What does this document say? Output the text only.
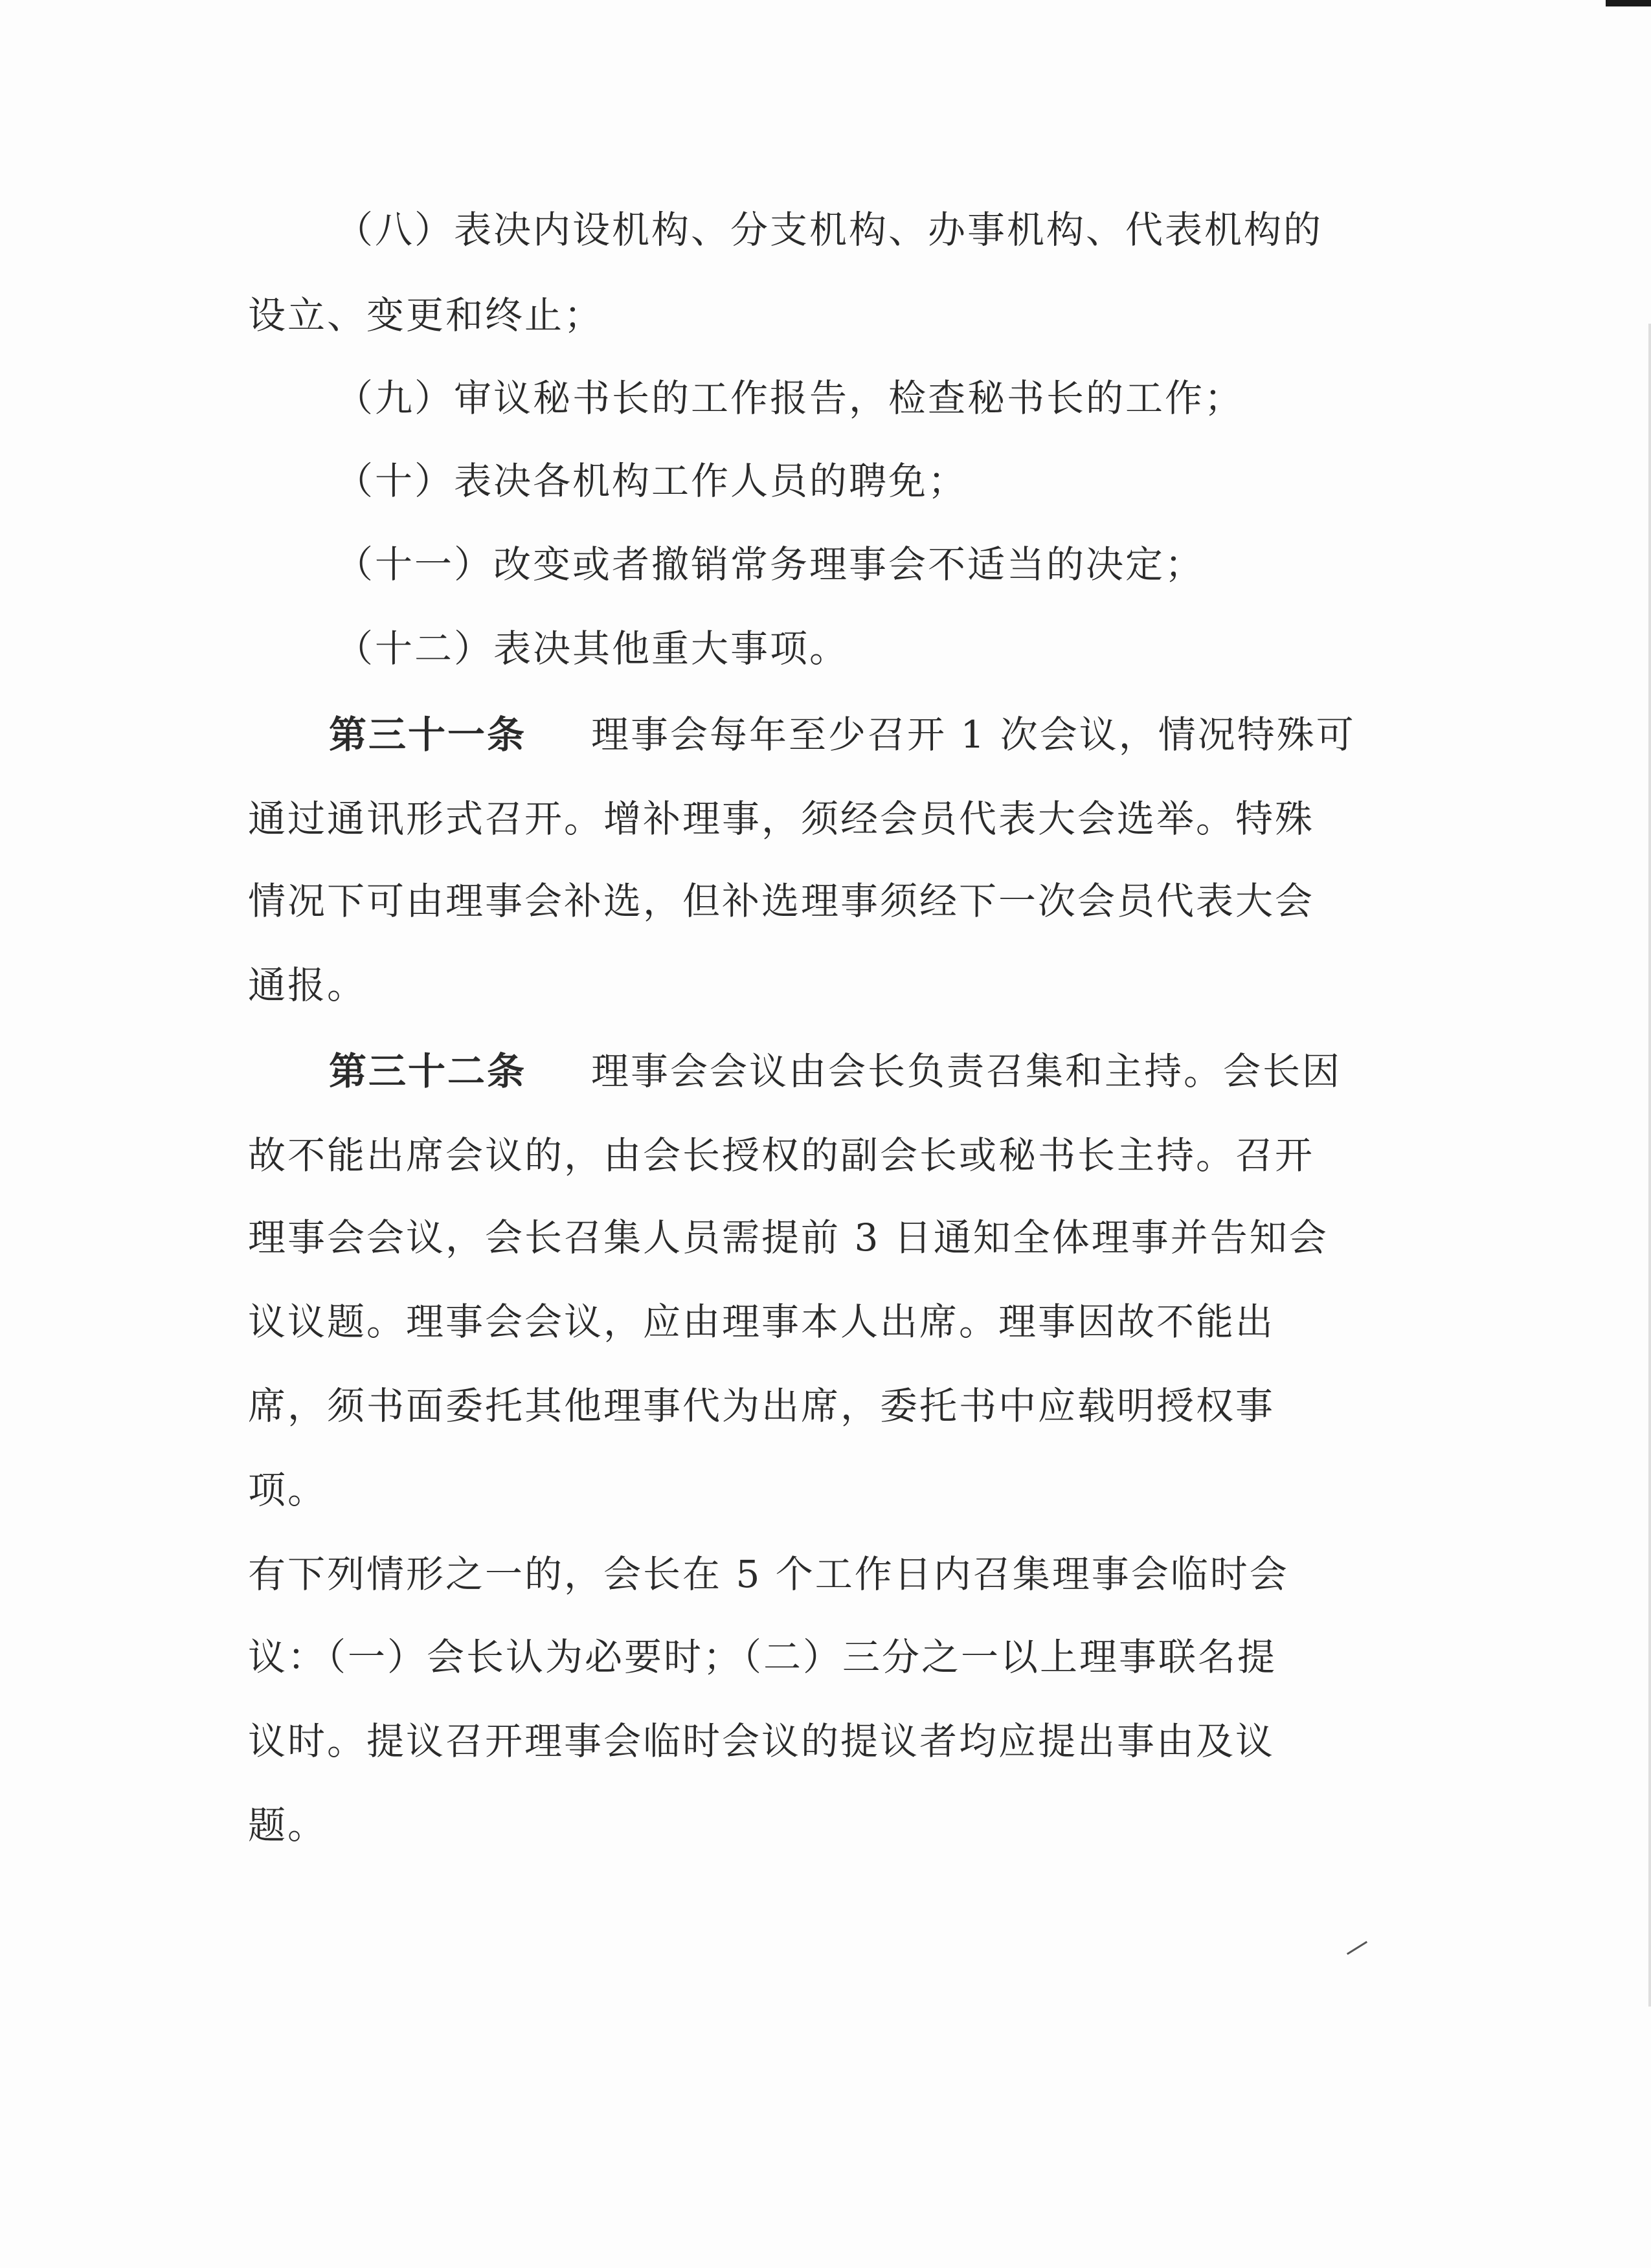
（八）表决内设机构、分支机构、办事机构、代表机构的
设立、变更和终止；
（九）审议秘书长的工作报告，检查秘书长的工作；
（十）表决各机构工作人员的聘免；
（十一）改变或者撤销常务理事会不适当的决定；
（十二）表决其他重大事项。
第三十一条 理事会每年至少召开 1 次会议，情况特殊可
通过通讯形式召开。增补理事，须经会员代表大会选举。特殊
情况下可由理事会补选，但补选理事须经下一次会员代表大会
通报。
第三十二条 理事会会议由会长负责召集和主持。会长因
故不能出席会议的，由会长授权的副会长或秘书长主持。召开
理事会会议，会长召集人员需提前 3 日通知全体理事并告知会
议议题。理事会会议，应由理事本人出席。理事因故不能出
席，须书面委托其他理事代为出席，委托书中应载明授权事
项。
有下列情形之一的，会长在 5 个工作日内召集理事会临时会
议：（一）会长认为必要时；（二）三分之一以上理事联名提
议时。提议召开理事会临时会议的提议者均应提出事由及议
题。
